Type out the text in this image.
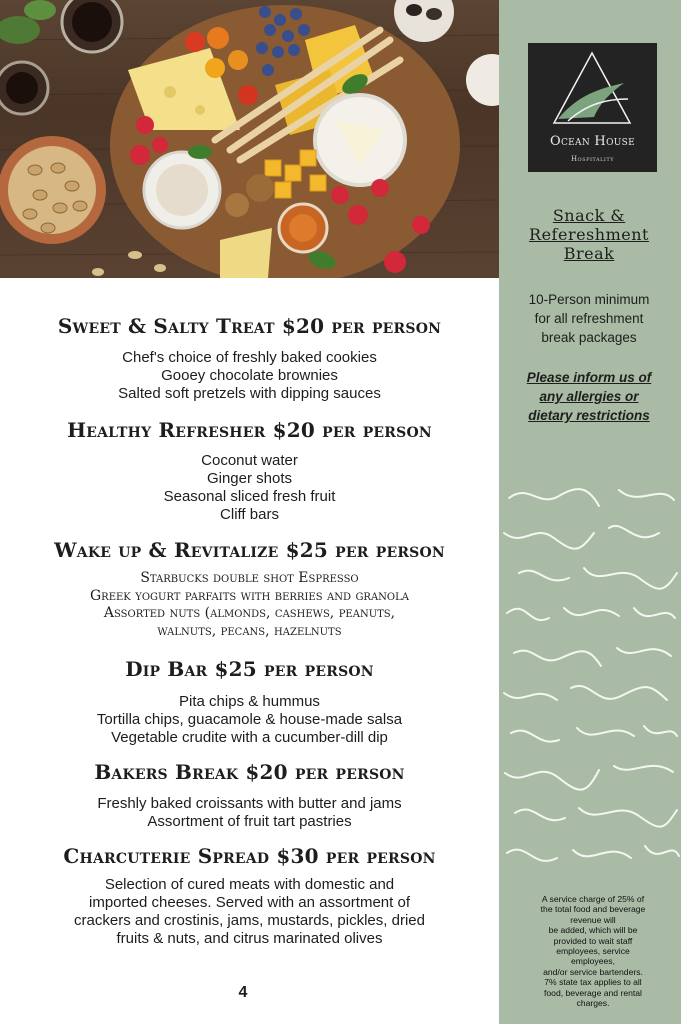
Ocean House
Hospitality
Snack &
Refereshment
Break
10-Person minimum
for all refreshment
break packages
Please inform us of
any allergies or
dietary restrictions
A service charge of 25% of
the total food and beverage
revenue will
be added, which will be
provided to wait staff
employees, service
employees,
and/or service bartenders.
7% state tax applies to all
food, beverage and rental
charges.
Sweet & Salty Treat $20 per person
Chef's choice of freshly baked cookies
Gooey chocolate brownies
Salted soft pretzels with dipping sauces
Healthy Refresher $20 per person
Coconut water
Ginger shots
Seasonal sliced fresh fruit
Cliff bars
Wake up & Revitalize $25 per person
Starbucks double shot Espresso
Greek yogurt parfaits with berries and granola
Assorted nuts (almonds, cashews, peanuts,
walnuts, pecans, hazelnuts
Dip Bar $25 per person
Pita chips & hummus
Tortilla chips, guacamole & house-made salsa
Vegetable crudite with a cucumber-dill dip
Bakers Break $20 per person
Freshly baked croissants with butter and jams
Assortment of fruit tart pastries
Charcuterie Spread $30 per person
Selection of cured meats with domestic and
imported cheeses. Served with an assortment of
crackers and crostinis, jams, mustards, pickles, dried
fruits & nuts, and citrus marinated olives
4
